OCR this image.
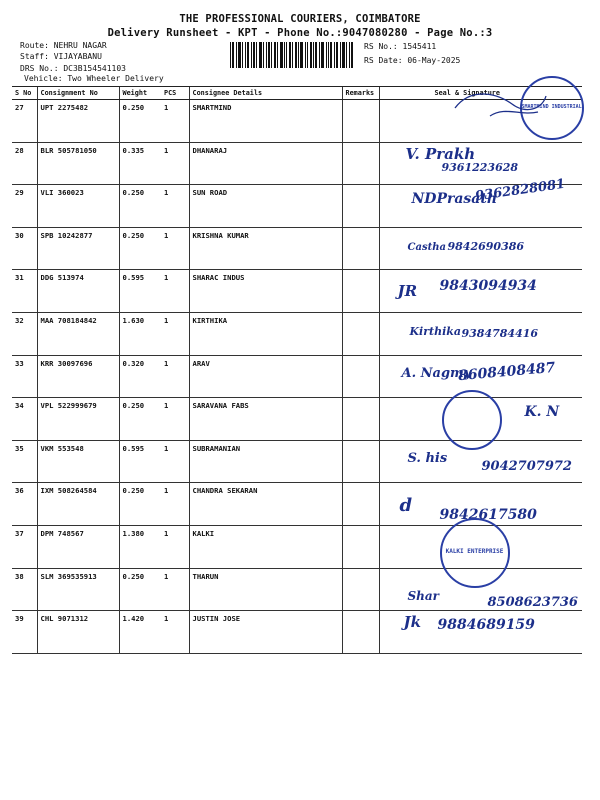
THE PROFESSIONAL COURIERS, COIMBATORE
Delivery Runsheet - KPT - Phone No.:9047080280 - Page No.:3
Route: NEHRU NAGAR
Staff: VIJAYABANU
DRS No.: DC3B154541103
Vehicle: Two Wheeler Delivery
RS No.: 1545411
RS Date: 06-May-2025
S No	Consignment No	Weight	PCS	Consignee Details	Remarks	Seal & Signature
27	UPT 2275482	0.250	1	SMARTMIND		SMARTMIND INDUSTRIAL

28	BLR 505781050	0.335	1	DHANARAJ		V. Prakh
9361223628

29	VLI 360023	0.250	1	SUN ROAD		NDPrasath
9362828081

30	SPB 10242877	0.250	1	KRISHNA KUMAR		Castha 9842690386

31	DDG 513974	0.595	1	SHARAC INDUS		JR 9843094934

32	MAA 708184842	1.630	1	KIRTHIKA		Kirthika 9384784416

33	KRR 30097696	0.320	1	ARAV		A. Nagmy
8608408487

34	VPL 522999679	0.250	1	SARAVANA FABS		K. N

35	VKM 553548	0.595	1	SUBRAMANIAN		S. his
9042707972

36	IXM 508264584	0.250	1	CHANDRA SEKARAN		d 9842617580

37	DPM 748567	1.380	1	KALKI		KALKI ENTERPRISE

38	SLM 369535913	0.250	1	THARUN		Shar 8508623736

39	CHL 9071312	1.420	1	JUSTIN JOSE		Jk 9884689159
